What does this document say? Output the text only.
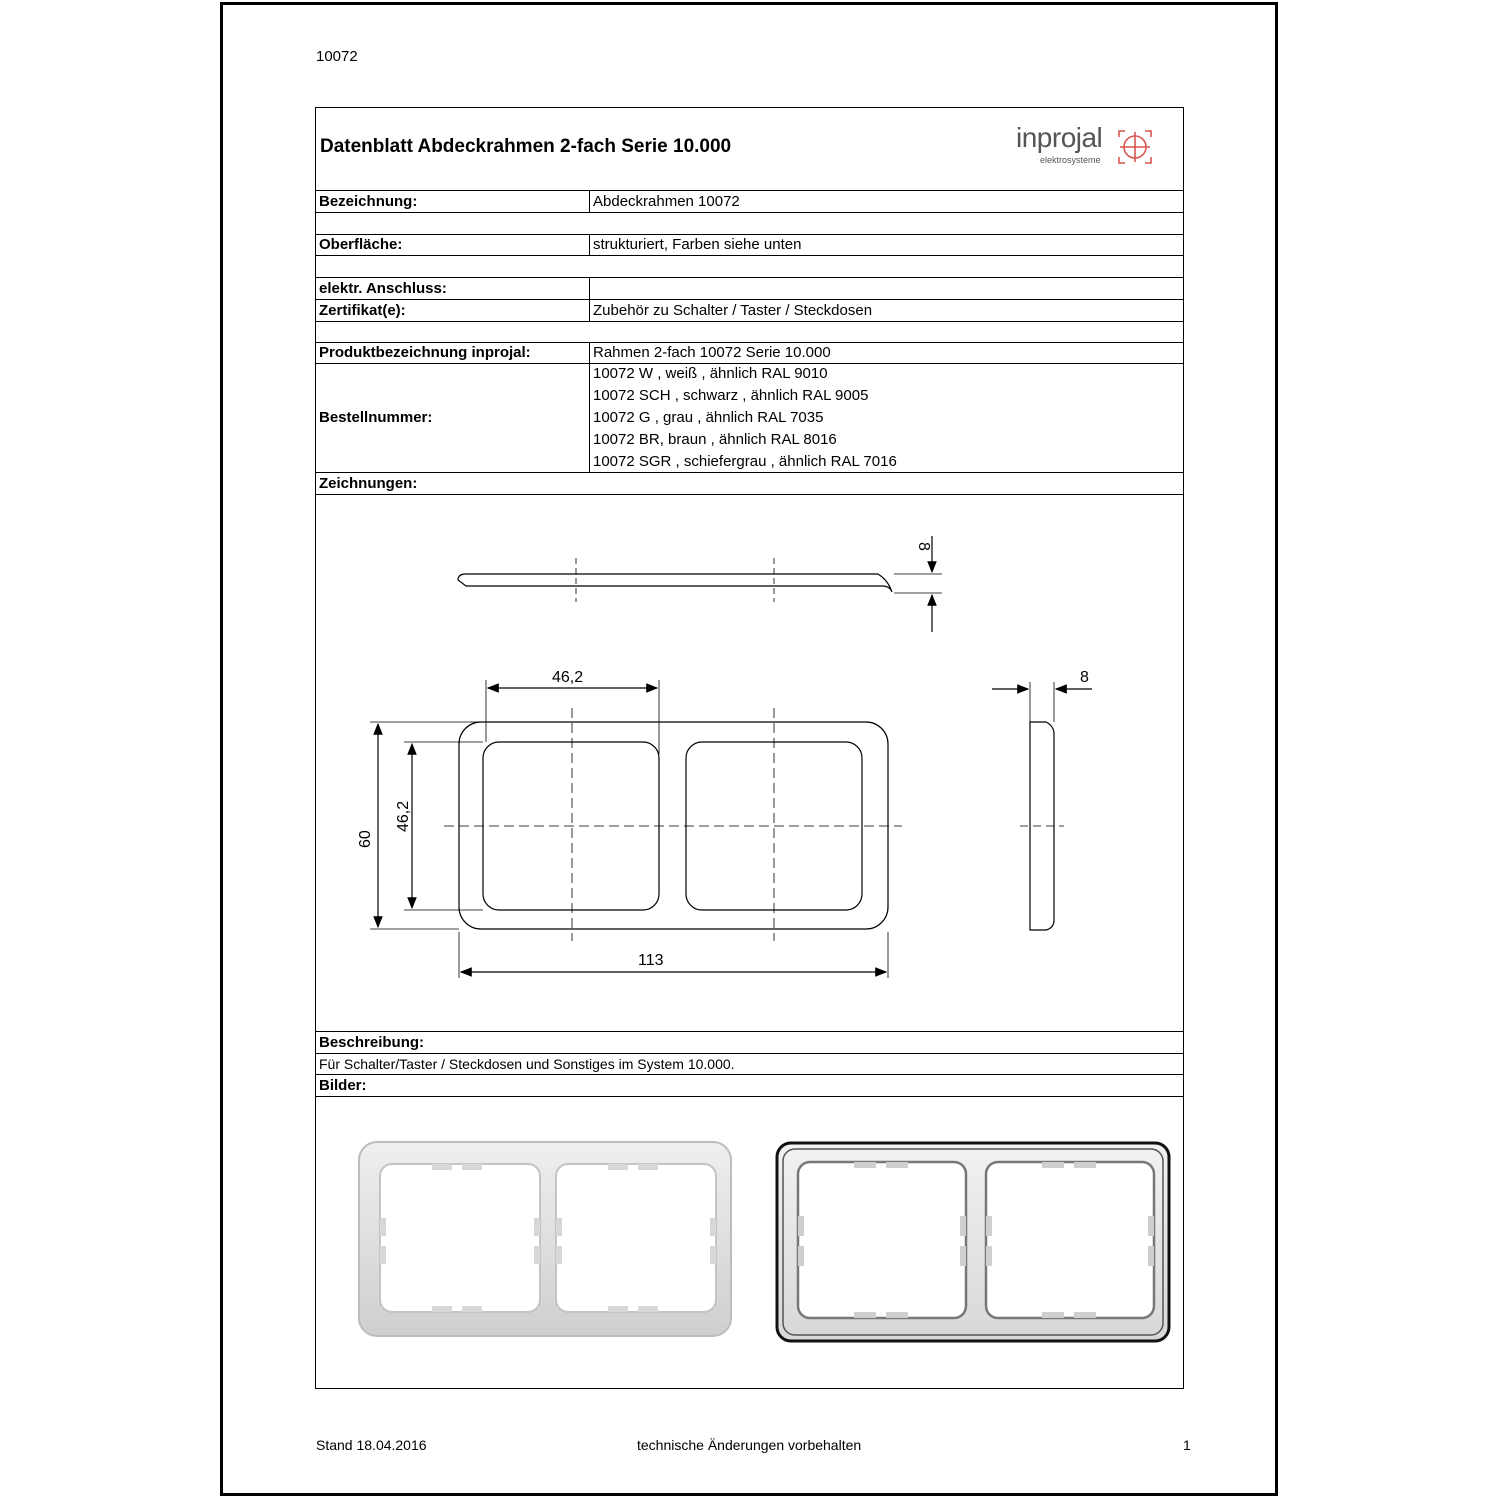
10072
Datenblatt Abdeckrahmen 2-fach Serie 10.000	inprojal
elektrosysteme
Bezeichnung:	Abdeckrahmen 10072
Oberfläche:	strukturiert, Farben siehe unten
elektr. Anschluss:
Zertifikat(e):	Zubehör zu Schalter / Taster / Steckdosen
Produktbezeichnung inprojal:	Rahmen 2-fach 10072 Serie 10.000
Bestellnummer:
10072 W , weiß , ähnlich RAL 9010
10072 SCH , schwarz , ähnlich RAL 9005
10072 G , grau , ähnlich RAL 7035
10072 BR, braun , ähnlich RAL 8016
10072 SGR , schiefergrau , ähnlich RAL 7016
Zeichnungen:
8
46,2
60
46,2
113
8
Beschreibung:
Für Schalter/Taster / Steckdosen und Sonstiges im System 10.000.
Bilder:
Stand 18.04.2016	technische Änderungen vorbehalten	1
